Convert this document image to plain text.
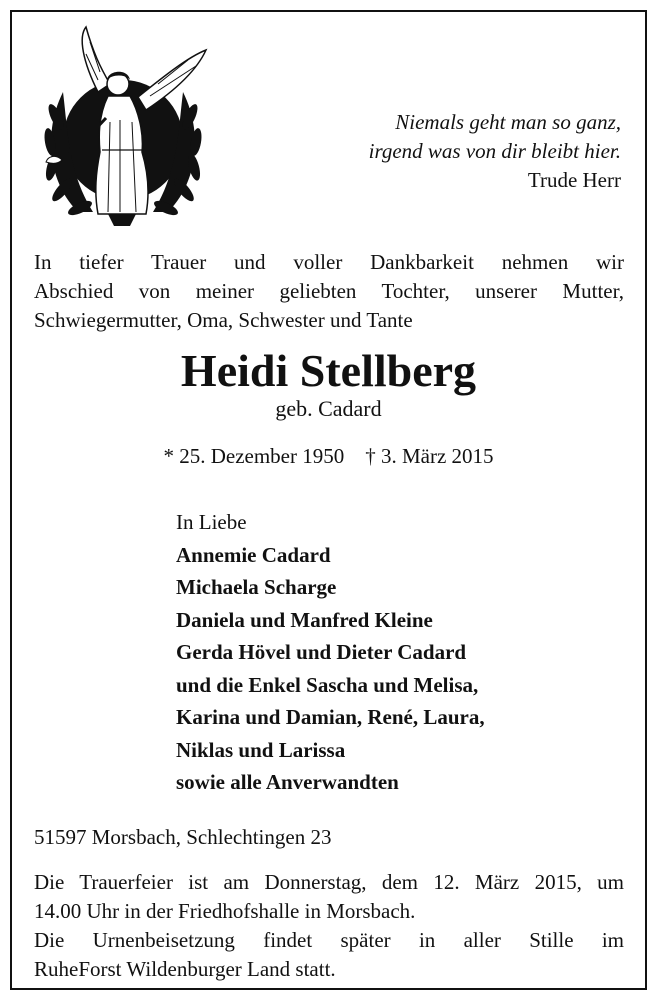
Niemals geht man so ganz,
irgend was von dir bleibt hier.
Trude Herr
In tiefer Trauer und voller Dankbarkeit nehmen wir
Abschied von meiner geliebten Tochter, unserer Mutter,
Schwiegermutter, Oma, Schwester und Tante
Heidi Stellberg
geb. Cadard
* 25. Dezember 1950    † 3. März 2015
In Liebe
Annemie Cadard
Michaela Scharge
Daniela und Manfred Kleine
Gerda Hövel und Dieter Cadard
und die Enkel Sascha und Melisa,
Karina und Damian, René, Laura,
Niklas und Larissa
sowie alle Anverwandten
51597 Morsbach, Schlechtingen 23
Die Trauerfeier ist am Donnerstag, dem 12. März 2015, um
14.00 Uhr in der Friedhofshalle in Morsbach.
Die Urnenbeisetzung findet später in aller Stille im
RuheForst Wildenburger Land statt.
